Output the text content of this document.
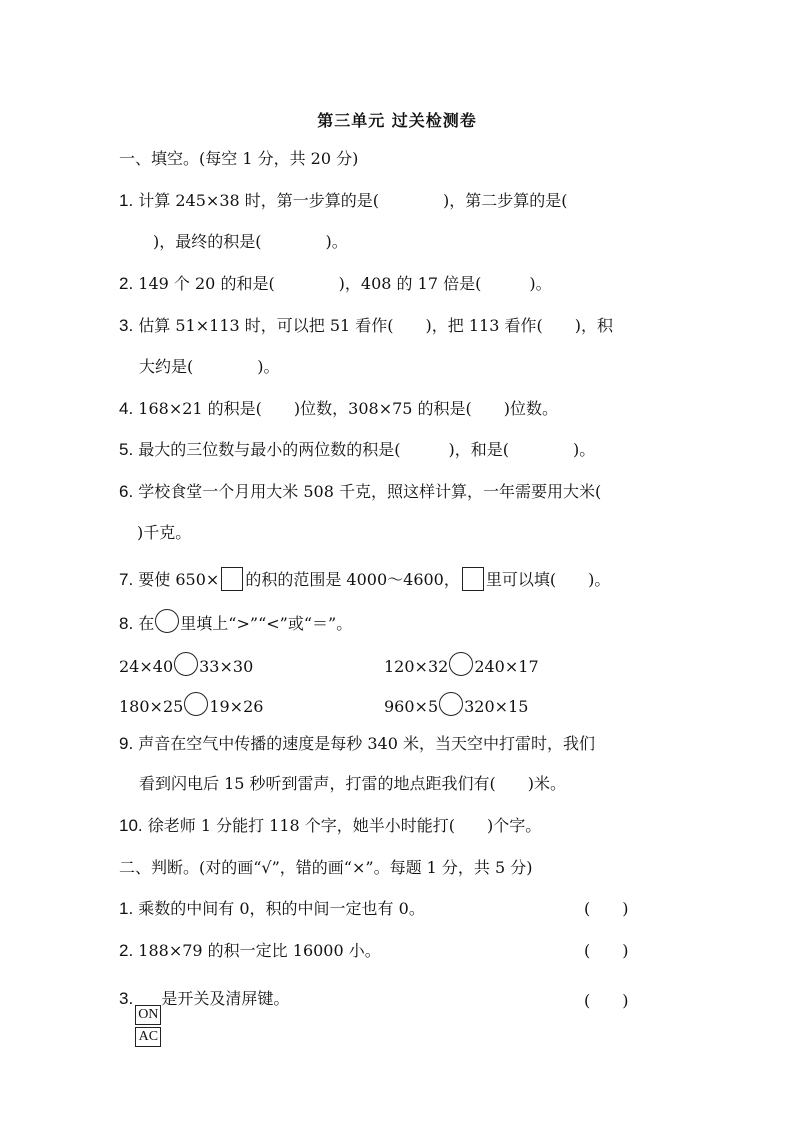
第三单元 过关检测卷
一、填空。(每空 1 分，共 20 分)
1. 计算 245×38 时，第一步算的是(　　　　)，第二步算的是(
　)，最终的积是(　　　　)。
2. 149 个 20 的和是(　　　　)，408 的 17 倍是(　　　)。
3. 估算 51×113 时，可以把 51 看作(　　)，把 113 看作(　　)，积
大约是(　　　　)。
4. 168×21 的积是(　　)位数，308×75 的积是(　　)位数。
5. 最大的三位数与最小的两位数的积是(　　　)，和是(　　　　)。
6. 学校食堂一个月用大米 508 千克，照这样计算，一年需要用大米(
)千克。
7. 要使 650× 的积的范围是 4000～4600， 里可以填(　　)。
8. 在 里填上“>”“<”或“＝”。
24×40 33×30	120×32 240×17
180×25 19×26	960×5 320×15
9. 声音在空气中传播的速度是每秒 340 米，当天空中打雷时，我们
看到闪电后 15 秒听到雷声，打雷的地点距我们有(　　)米。
10. 徐老师 1 分能打 118 个字，她半小时能打(　　)个字。
二、判断。(对的画“√”，错的画“×”。每题 1 分，共 5 分)
1. 乘数的中间有 0，积的中间一定也有 0。	(　　)
2. 188×79 的积一定比 16000 小。	(　　)
3.
$\frac{ON}{AC}$
是开关及清屏键。	(　　)
